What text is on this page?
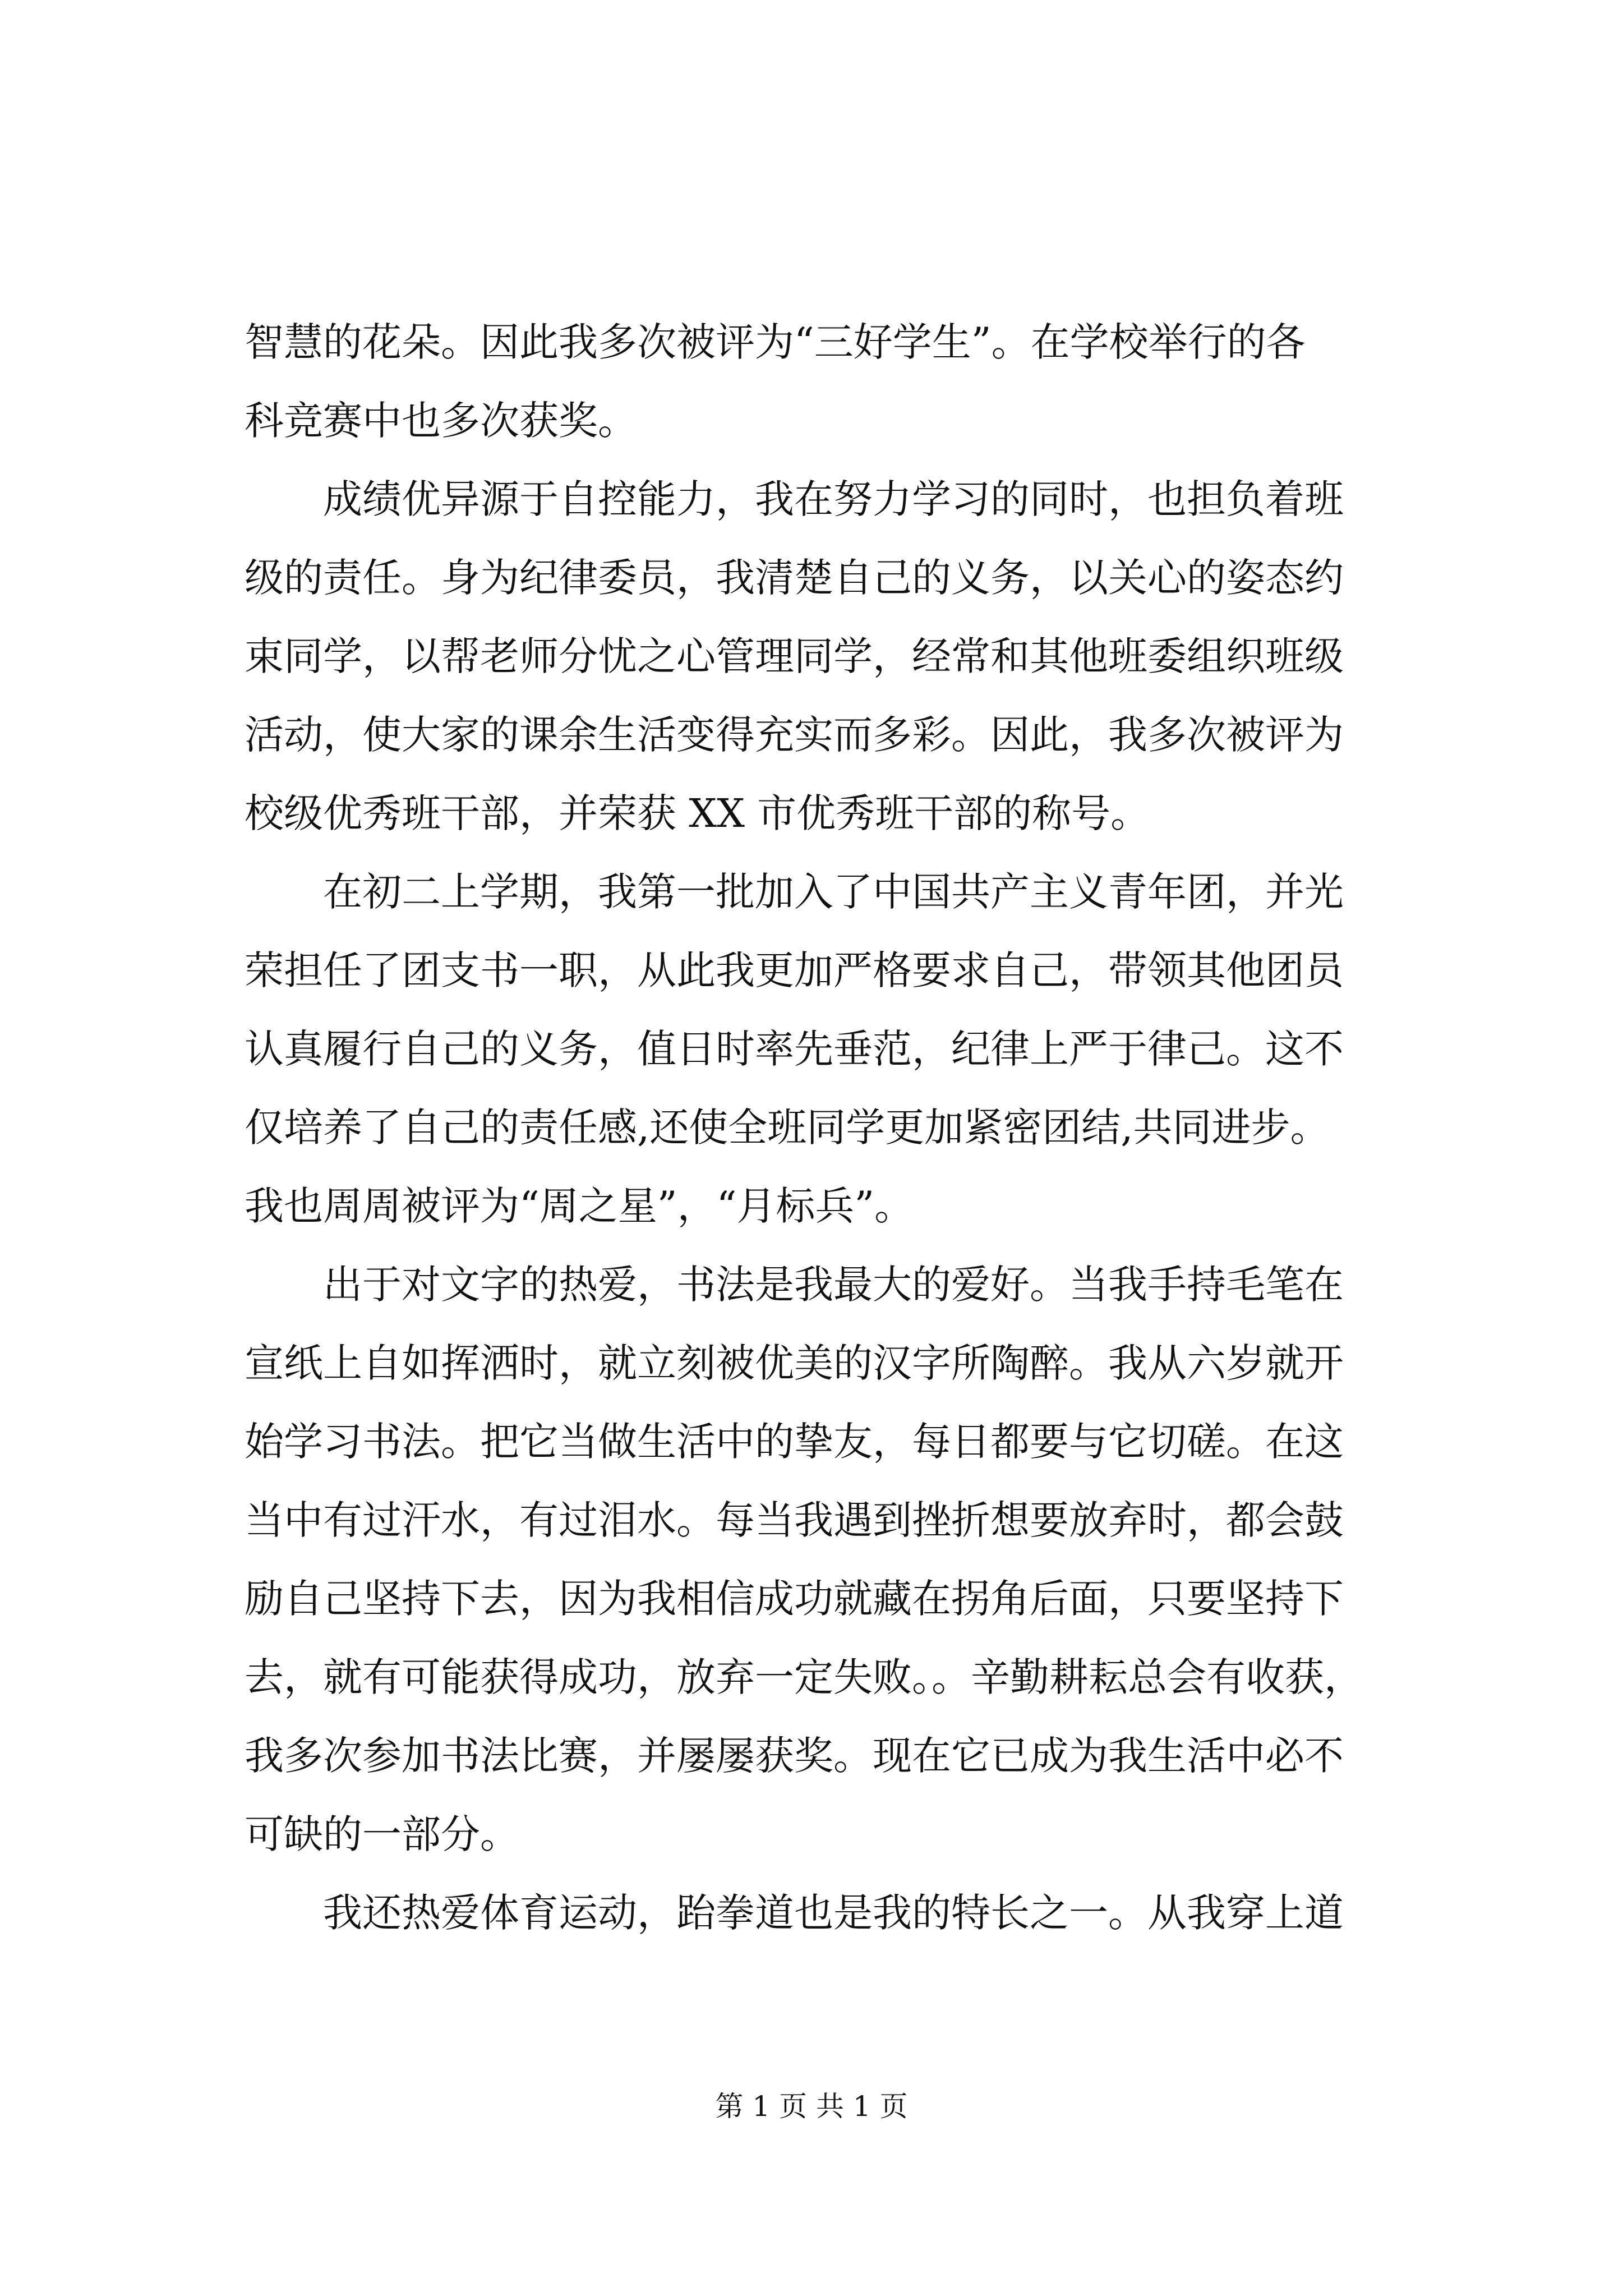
智慧的花朵。因此我多次被评为“三好学生”。在学校举行的各
科竞赛中也多次获奖。
　　成绩优异源于自控能力，我在努力学习的同时，也担负着班
级的责任。身为纪律委员，我清楚自己的义务，以关心的姿态约
束同学，以帮老师分忧之心管理同学，经常和其他班委组织班级
活动，使大家的课余生活变得充实而多彩。因此，我多次被评为
校级优秀班干部，并荣获 XX 市优秀班干部的称号。
　　在初二上学期，我第一批加入了中国共产主义青年团，并光
荣担任了团支书一职，从此我更加严格要求自己，带领其他团员
认真履行自己的义务，值日时率先垂范，纪律上严于律己。这不
仅培养了自己的责任感,还使全班同学更加紧密团结,共同进步。
我也周周被评为“周之星”，“月标兵”。
　　出于对文字的热爱，书法是我最大的爱好。当我手持毛笔在
宣纸上自如挥洒时，就立刻被优美的汉字所陶醉。我从六岁就开
始学习书法。把它当做生活中的挚友，每日都要与它切磋。在这
当中有过汗水，有过泪水。每当我遇到挫折想要放弃时，都会鼓
励自己坚持下去，因为我相信成功就藏在拐角后面，只要坚持下
去，就有可能获得成功，放弃一定失败。。辛勤耕耘总会有收获，
我多次参加书法比赛，并屡屡获奖。现在它已成为我生活中必不
可缺的一部分。
　　我还热爱体育运动，跆拳道也是我的特长之一。从我穿上道
第 1 页 共 1 页
